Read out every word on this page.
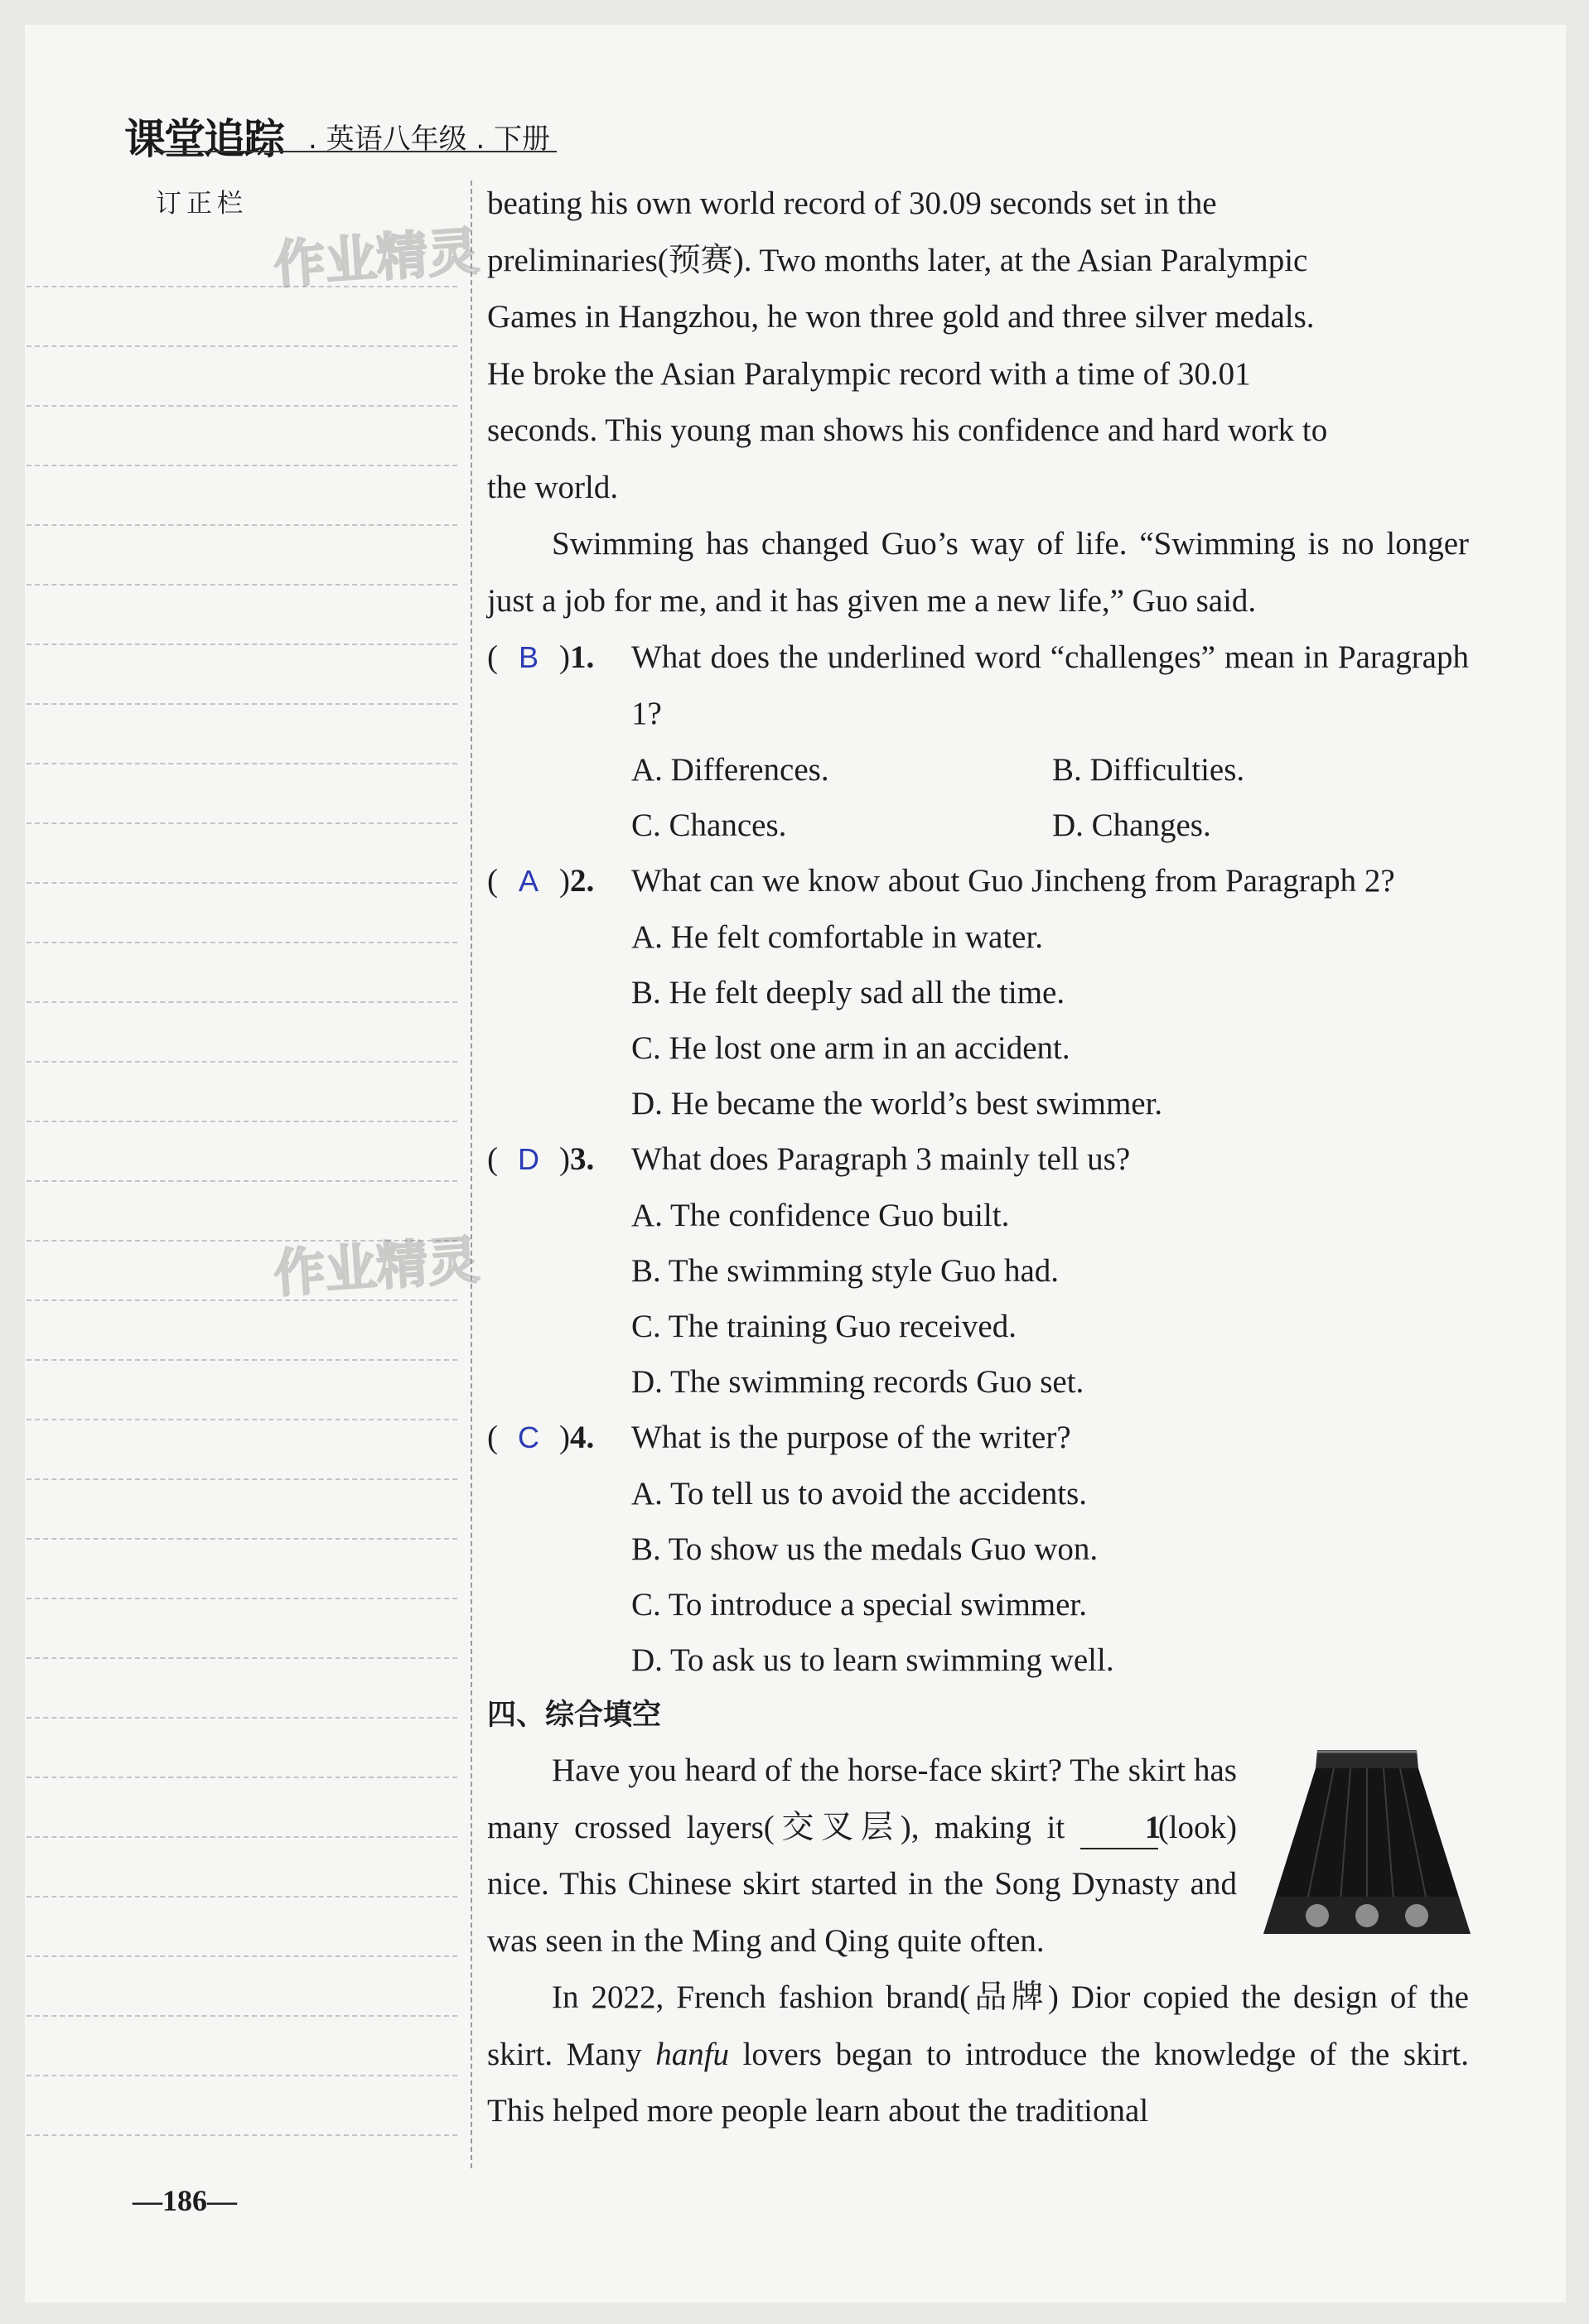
课堂追踪 . 英语八年级 . 下册
订正栏
作业精灵
作业精灵

beating his own world record of 30.09 seconds set in the

preliminaries(预赛). Two months later, at the Asian Paralympic

Games in Hangzhou, he won three gold and three silver medals.

He broke the Asian Paralympic record with a time of 30.01

seconds. This young man shows his confidence and hard work to

the world.

Swimming has changed Guo’s way of life. “Swimming is no longer just a job for me, and it has given me a new life,” Guo said.

( B )1.	What does the underlined word “challenges” mean in Paragraph 1?

A. Differences.	B. Difficulties.
C. Chances.	D. Changes.
( A )2.	What can we know about Guo Jincheng from Paragraph 2?

A. He felt comfortable in water.
B. He felt deeply sad all the time.
C. He lost one arm in an accident.
D. He became the world’s best swimmer.
( D )3.	What does Paragraph 3 mainly tell us?

A. The confidence Guo built.
B. The swimming style Guo had.
C. The training Guo received.
D. The swimming records Guo set.
( C )4.	What is the purpose of the writer?

A. To tell us to avoid the accidents.
B. To show us the medals Guo won.
C. To introduce a special swimmer.
D. To ask us to learn swimming well.

四、综合填空

Have you heard of the horse-face skirt? The skirt has many crossed layers(交叉层), making it 1(look) nice. This Chinese skirt started in the Song Dynasty and was seen in the Ming and Qing quite often.

In 2022, French fashion brand(品牌) Dior copied the design of the skirt. Many hanfu lovers began to introduce the knowledge of the skirt. This helped more people learn about the traditional

—186—
